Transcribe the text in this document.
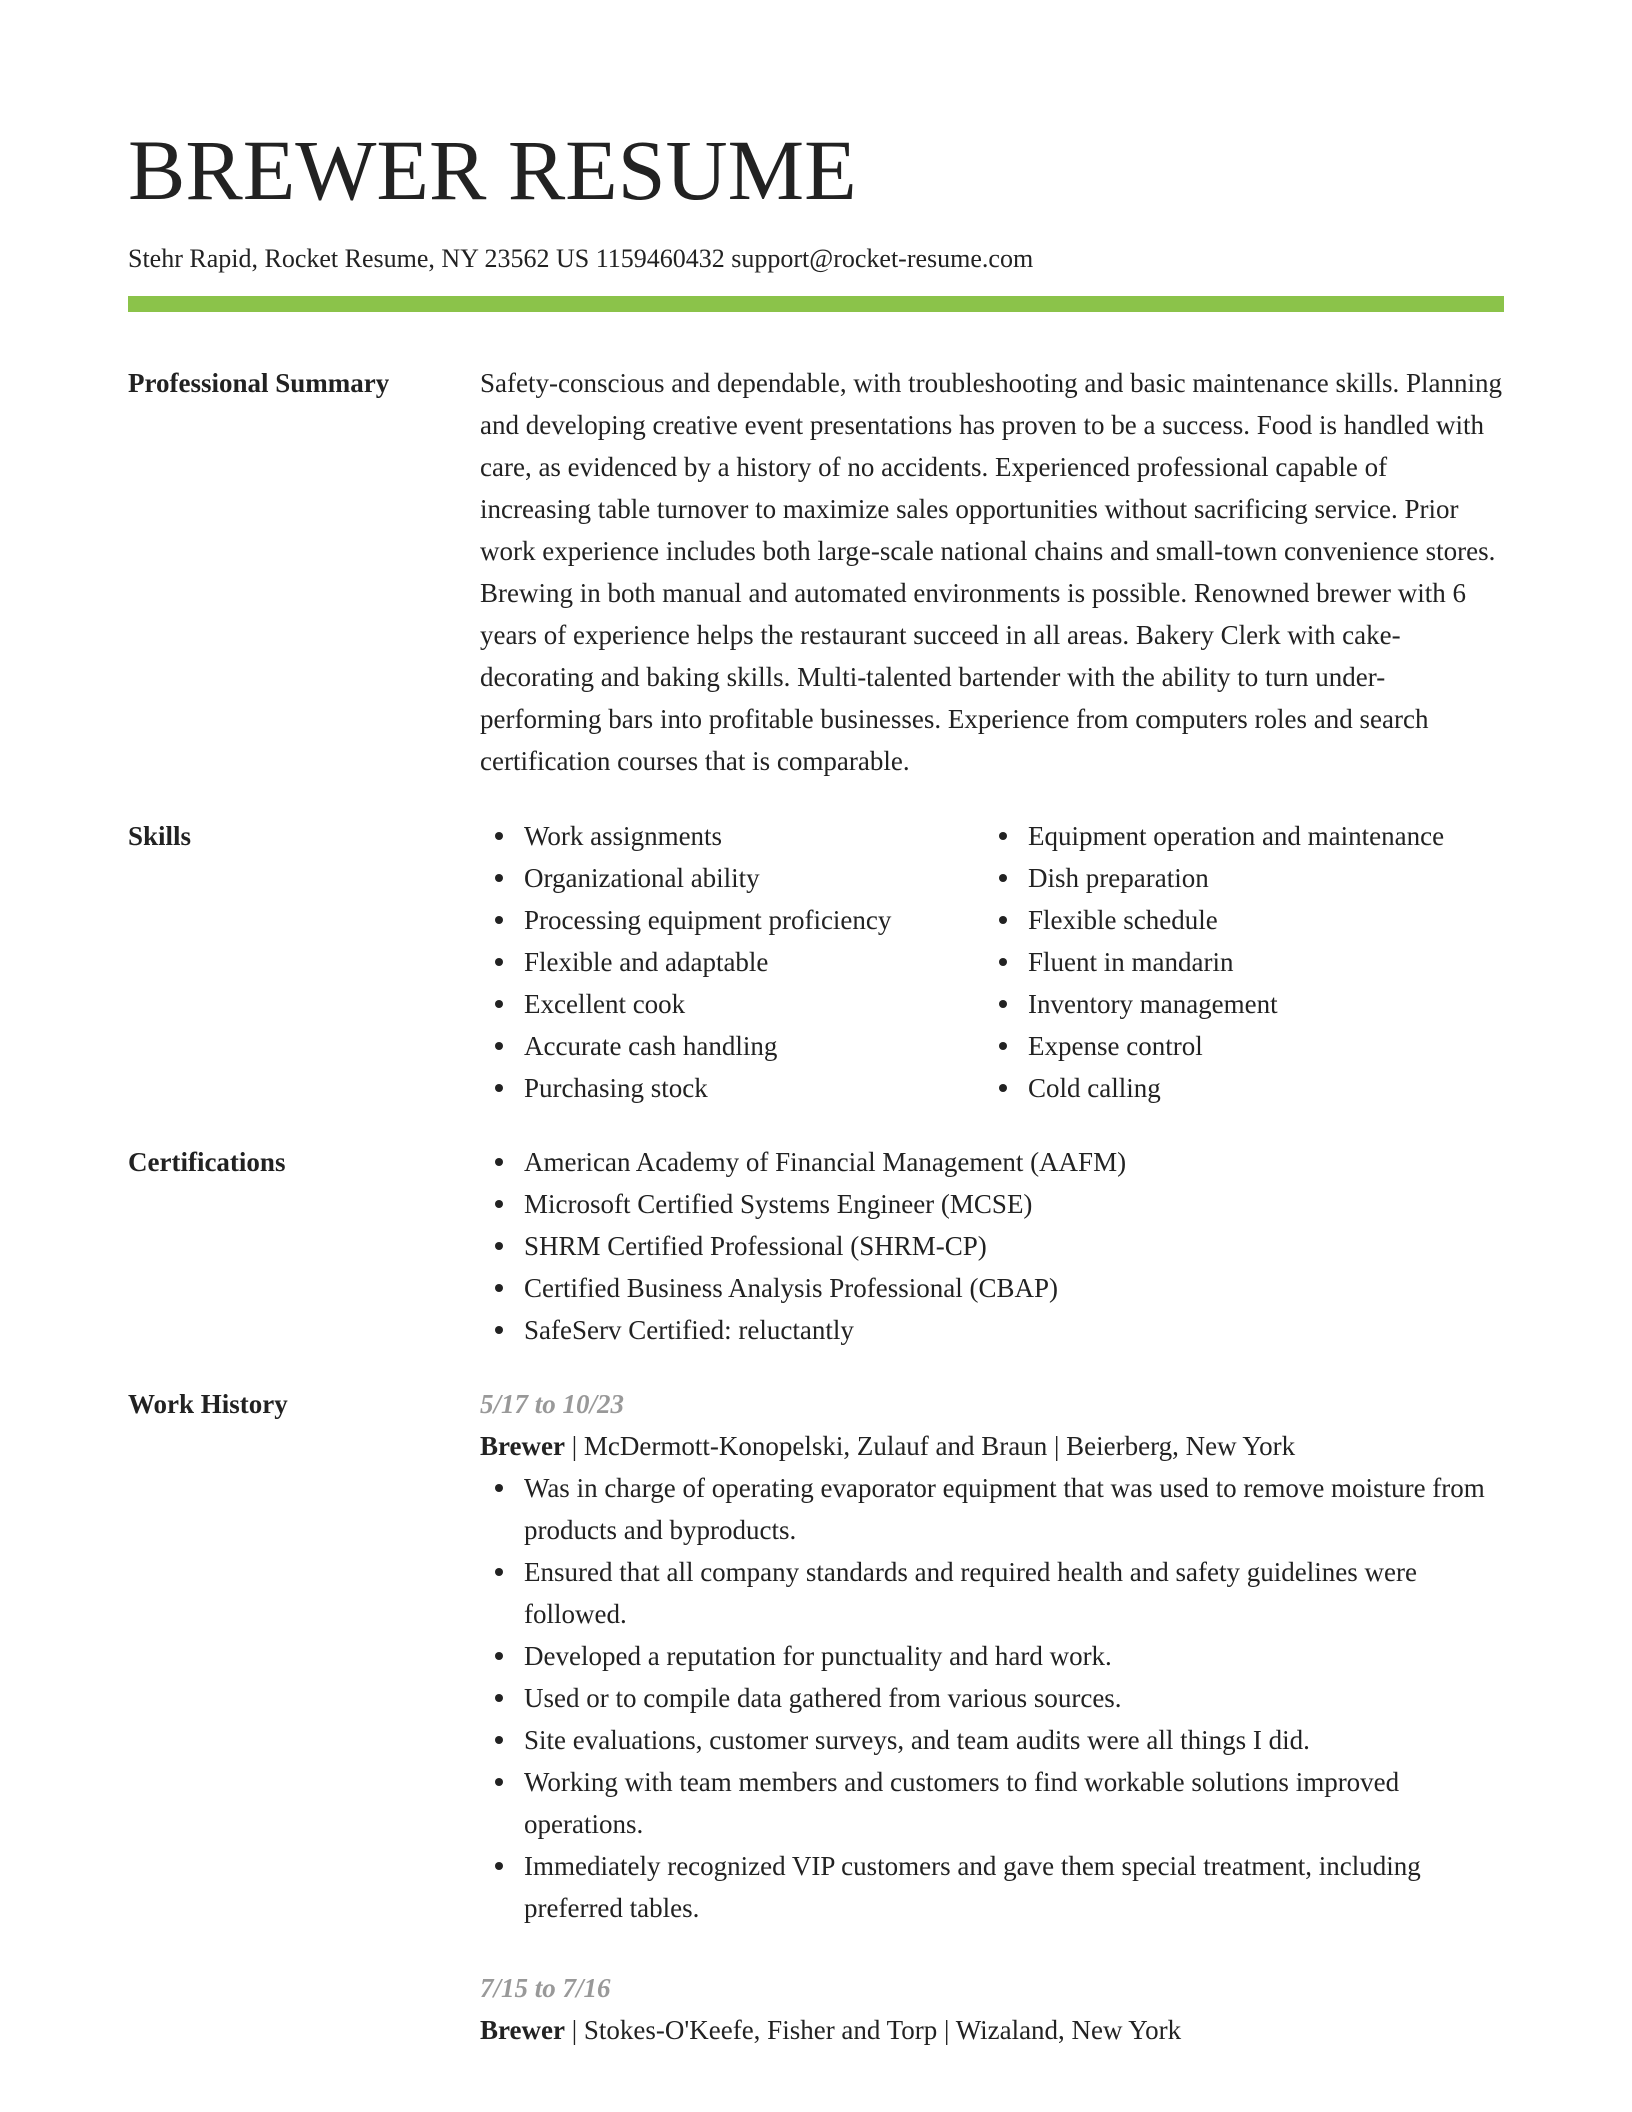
BREWER RESUME
Stehr Rapid, Rocket Resume, NY 23562 US 1159460432 support@rocket-resume.com
Professional Summary	Safety-conscious and dependable, with troubleshooting and basic maintenance skills. Planning and developing creative event presentations has proven to be a success. Food is handled with care, as evidenced by a history of no accidents. Experienced professional capable of increasing table turnover to maximize sales opportunities without sacrificing service. Prior work experience includes both large-scale national chains and small-town convenience stores. Brewing in both manual and automated environments is possible. Renowned brewer with 6 years of experience helps the restaurant succeed in all areas. Bakery Clerk with cake-decorating and baking skills. Multi-talented bartender with the ability to turn under-performing bars into profitable businesses. Experience from computers roles and search certification courses that is comparable.

Skills	Work assignments
Organizational ability
Processing equipment proficiency
Flexible and adaptable
Excellent cook
Accurate cash handling
Purchasing stock
Equipment operation and maintenance
Dish preparation
Flexible schedule
Fluent in mandarin
Inventory management
Expense control
Cold calling
Certifications	American Academy of Financial Management (AAFM)
Microsoft Certified Systems Engineer (MCSE)
SHRM Certified Professional (SHRM-CP)
Certified Business Analysis Professional (CBAP)
SafeServ Certified: reluctantly
Work History	5/17 to 10/23
Brewer | McDermott-Konopelski, Zulauf and Braun | Beierberg, New York
Was in charge of operating evaporator equipment that was used to remove moisture from products and byproducts.
Ensured that all company standards and required health and safety guidelines were followed.
Developed a reputation for punctuality and hard work.
Used or to compile data gathered from various sources.
Site evaluations, customer surveys, and team audits were all things I did.
Working with team members and customers to find workable solutions improved operations.
Immediately recognized VIP customers and gave them special treatment, including preferred tables.
7/15 to 7/16
Brewer | Stokes-O'Keefe, Fisher and Torp | Wizaland, New York
